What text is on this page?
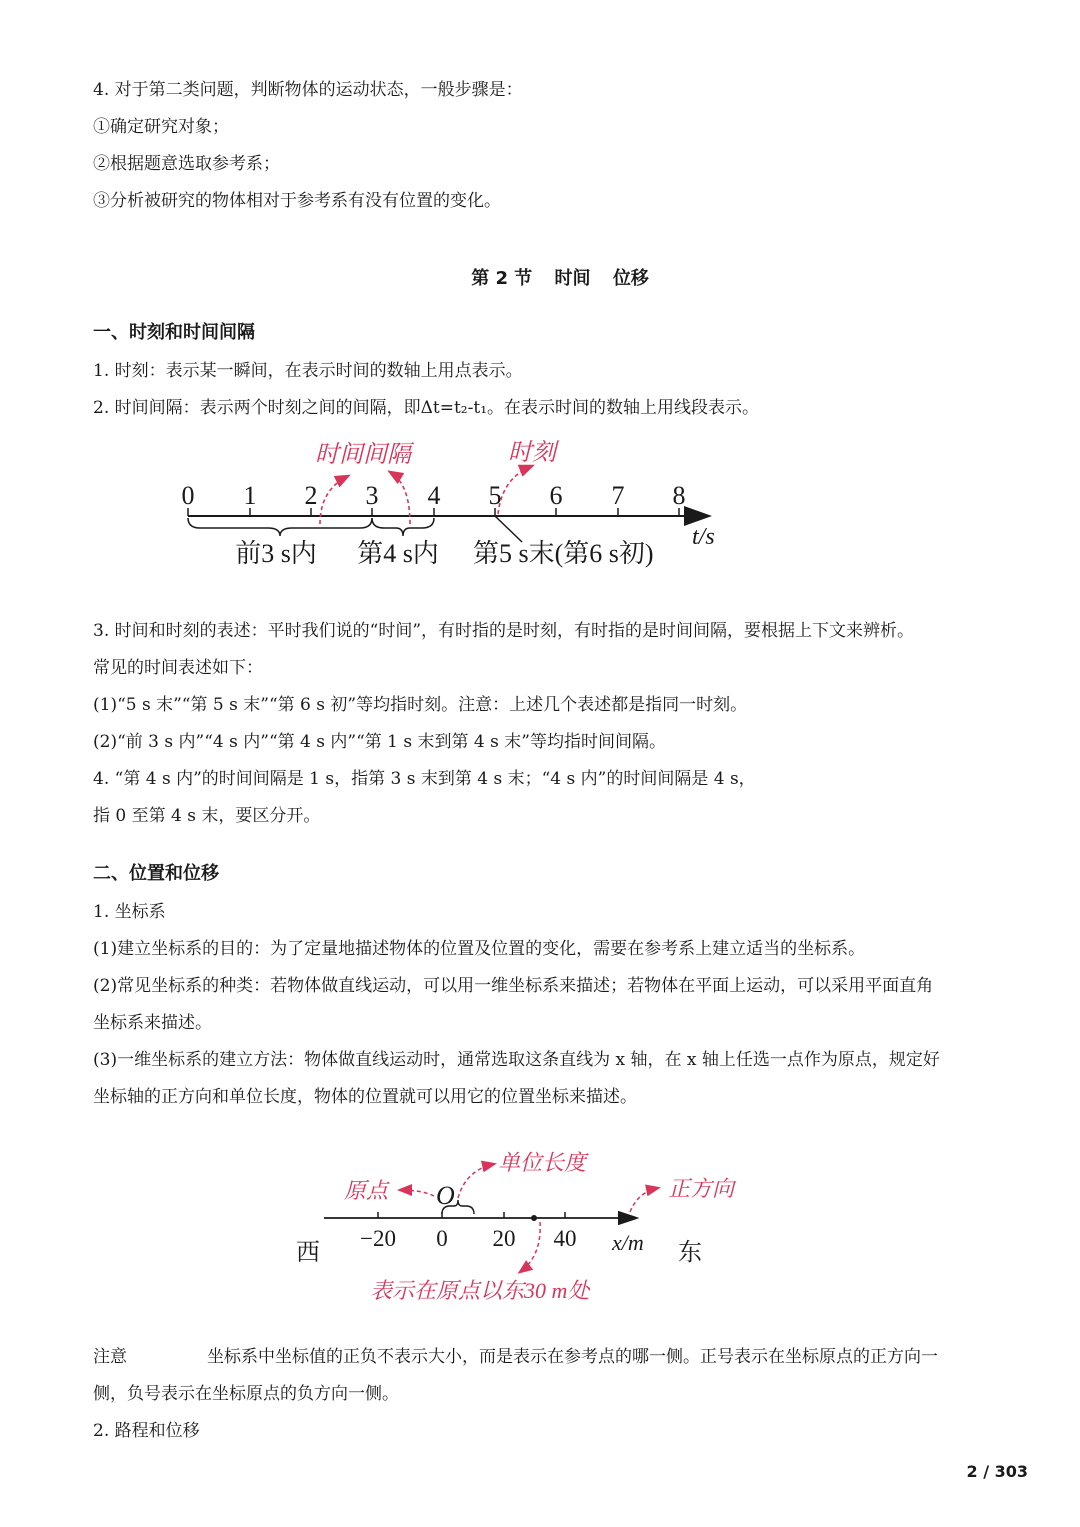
4. 对于第二类问题，判断物体的运动状态，一般步骤是：
①确定研究对象；
②根据题意选取参考系；
③分析被研究的物体相对于参考系有没有位置的变化。
第 2 节 时间 位移
一、时刻和时间间隔
1. 时刻：表示某一瞬间，在表示时间的数轴上用点表示。
2. 时间间隔：表示两个时刻之间的间隔，即Δt=t₂-t₁。在表示时间的数轴上用线段表示。
0 1 2 3 4 5 6 7 8
t/s
前3 s内 第4 s内 第5 s末(第6 s初)
时间间隔	时刻
3. 时间和时刻的表述：平时我们说的“时间”，有时指的是时刻，有时指的是时间间隔，要根据上下文来辨析。
常见的时间表述如下：
(1)“5 s 末”“第 5 s 末”“第 6 s 初”等均指时刻。注意：上述几个表述都是指同一时刻。
(2)“前 3 s 内”“4 s 内”“第 4 s 内”“第 1 s 末到第 4 s 末”等均指时间间隔。
4. “第 4 s 内”的时间间隔是 1 s，指第 3 s 末到第 4 s 末；“4 s 内”的时间间隔是 4 s，
指 0 至第 4 s 末，要区分开。
二、位置和位移
1. 坐标系
(1)建立坐标系的目的：为了定量地描述物体的位置及位置的变化，需要在参考系上建立适当的坐标系。
(2)常见坐标系的种类：若物体做直线运动，可以用一维坐标系来描述；若物体在平面上运动，可以采用平面直角
坐标系来描述。
(3)一维坐标系的建立方法：物体做直线运动时，通常选取这条直线为 x 轴，在 x 轴上任选一点作为原点，规定好
坐标轴的正方向和单位长度，物体的位置就可以用它的位置坐标来描述。
西	东
−20 0 20 40 x/m
O
原点
单位长度
正方向
表示在原点以东30 m处
注意	坐标系中坐标值的正负不表示大小，而是表示在参考点的哪一侧。正号表示在坐标原点的正方向一
侧，负号表示在坐标原点的负方向一侧。
2. 路程和位移
2 / 303
